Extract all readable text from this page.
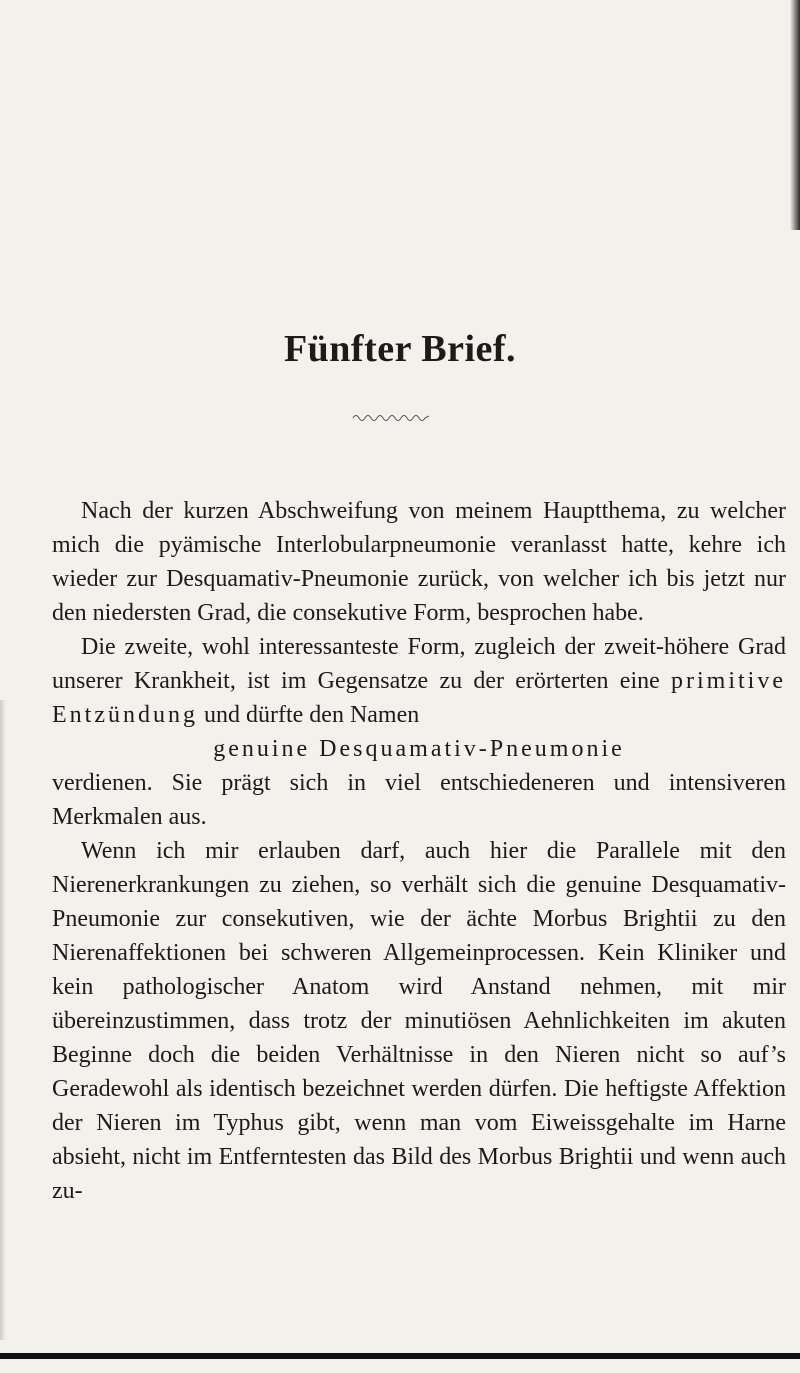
Fünfter Brief.

Nach der kurzen Abschweifung von meinem Hauptthema, zu welcher mich die pyämische Interlobularpneumonie veranlasst hatte, kehre ich wieder zur Desquamativ-Pneumonie zurück, von welcher ich bis jetzt nur den niedersten Grad, die consekutive Form, besprochen habe.

Die zweite, wohl interessanteste Form, zugleich der zweit-höhere Grad unserer Krankheit, ist im Gegensatze zu der erörterten eine primitive Entzündung und dürfte den Namen

genuine Desquamativ-Pneumonie

verdienen. Sie prägt sich in viel entschiedeneren und intensiveren Merkmalen aus.

Wenn ich mir erlauben darf, auch hier die Parallele mit den Nierenerkrankungen zu ziehen, so verhält sich die genuine Desquamativ-Pneumonie zur consekutiven, wie der ächte Morbus Brightii zu den Nierenaffektionen bei schweren Allgemeinprocessen. Kein Kliniker und kein pathologischer Anatom wird Anstand nehmen, mit mir übereinzustimmen, dass trotz der minutiösen Aehnlichkeiten im akuten Beginne doch die beiden Verhältnisse in den Nieren nicht so auf’s Geradewohl als identisch bezeichnet werden dürfen. Die heftigste Affektion der Nieren im Typhus gibt, wenn man vom Eiweissgehalte im Harne absieht, nicht im Entferntesten das Bild des Morbus Brightii und wenn auch zu-
